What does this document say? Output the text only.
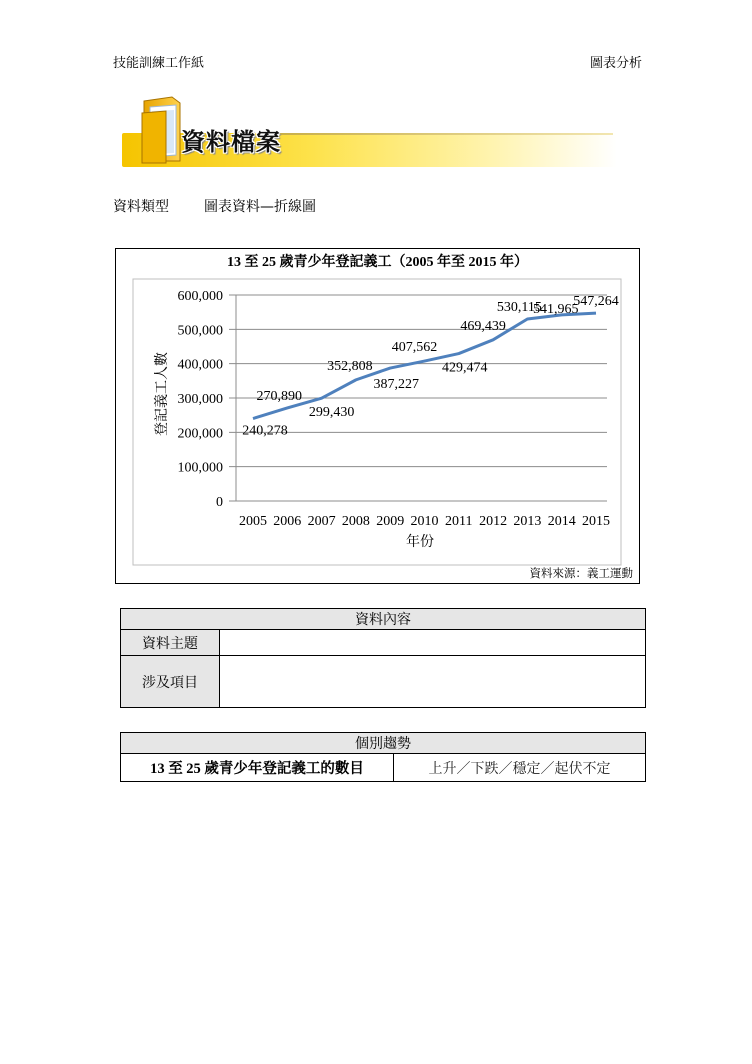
技能訓練工作紙	圖表分析
資料檔案
資料類型	圖表資料—折線圖
13 至 25 歲青少年登記義工（2005 年至 2015 年）
0
100,000
200,000
300,000
400,000
500,000
600,000
2005 2006 2007 2008 2009 2010 2011 2012 2013 2014 2015
240,278
270,890
299,430
352,808
387,227
407,562
429,474
469,439
530,115
541,965
547,264
年份
登記義工人數
資料來源：義工運動
資料內容	
資料主題	
涉及項目	
個別趨勢
13 至 25 歲青少年登記義工的數目	上升／下跌／穩定／起伏不定
